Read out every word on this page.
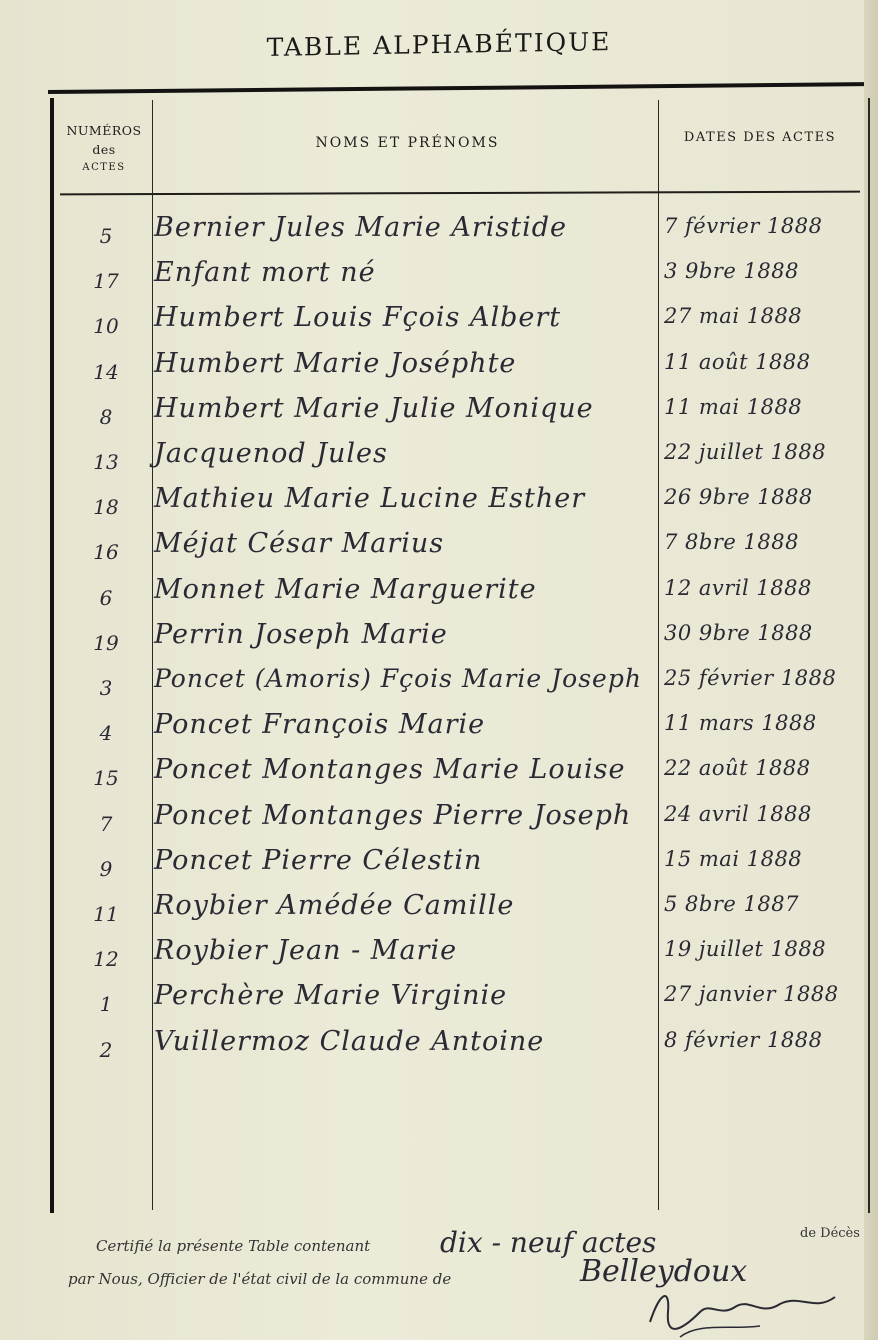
TABLE ALPHABÉTIQUE
NUMÉROS
des
ACTES
NOMS ET PRÉNOMS	DATES DES ACTES
5	Bernier Jules Marie Aristide	7 février 1888
17	Enfant mort né	3 9bre 1888
10	Humbert Louis Fçois Albert	27 mai 1888
14	Humbert Marie Joséphte	11 août 1888
8	Humbert Marie Julie Monique	11 mai 1888
13	Jacquenod Jules	22 juillet 1888
18	Mathieu Marie Lucine Esther	26 9bre 1888
16	Méjat César Marius	7 8bre 1888
6	Monnet Marie Marguerite	12 avril 1888
19	Perrin Joseph Marie	30 9bre 1888
3	Poncet (Amoris) Fçois Marie Joseph 25 février 1888
4	Poncet François Marie	11 mars 1888
15	Poncet Montanges Marie Louise 22 août 1888
7	Poncet Montanges Pierre Joseph 24 avril 1888
9	Poncet Pierre Célestin	15 mai 1888
11	Roybier Amédée Camille	5 8bre 1887
12	Roybier Jean - Marie	19 juillet 1888
1	Perchère Marie Virginie	27 janvier 1888
2	Vuillermoz Claude Antoine	8 février 1888
Certifié la présente Table contenant dix - neuf actes	de Décès
par Nous, Officier de l'état civil de la commune de	Belleydoux
